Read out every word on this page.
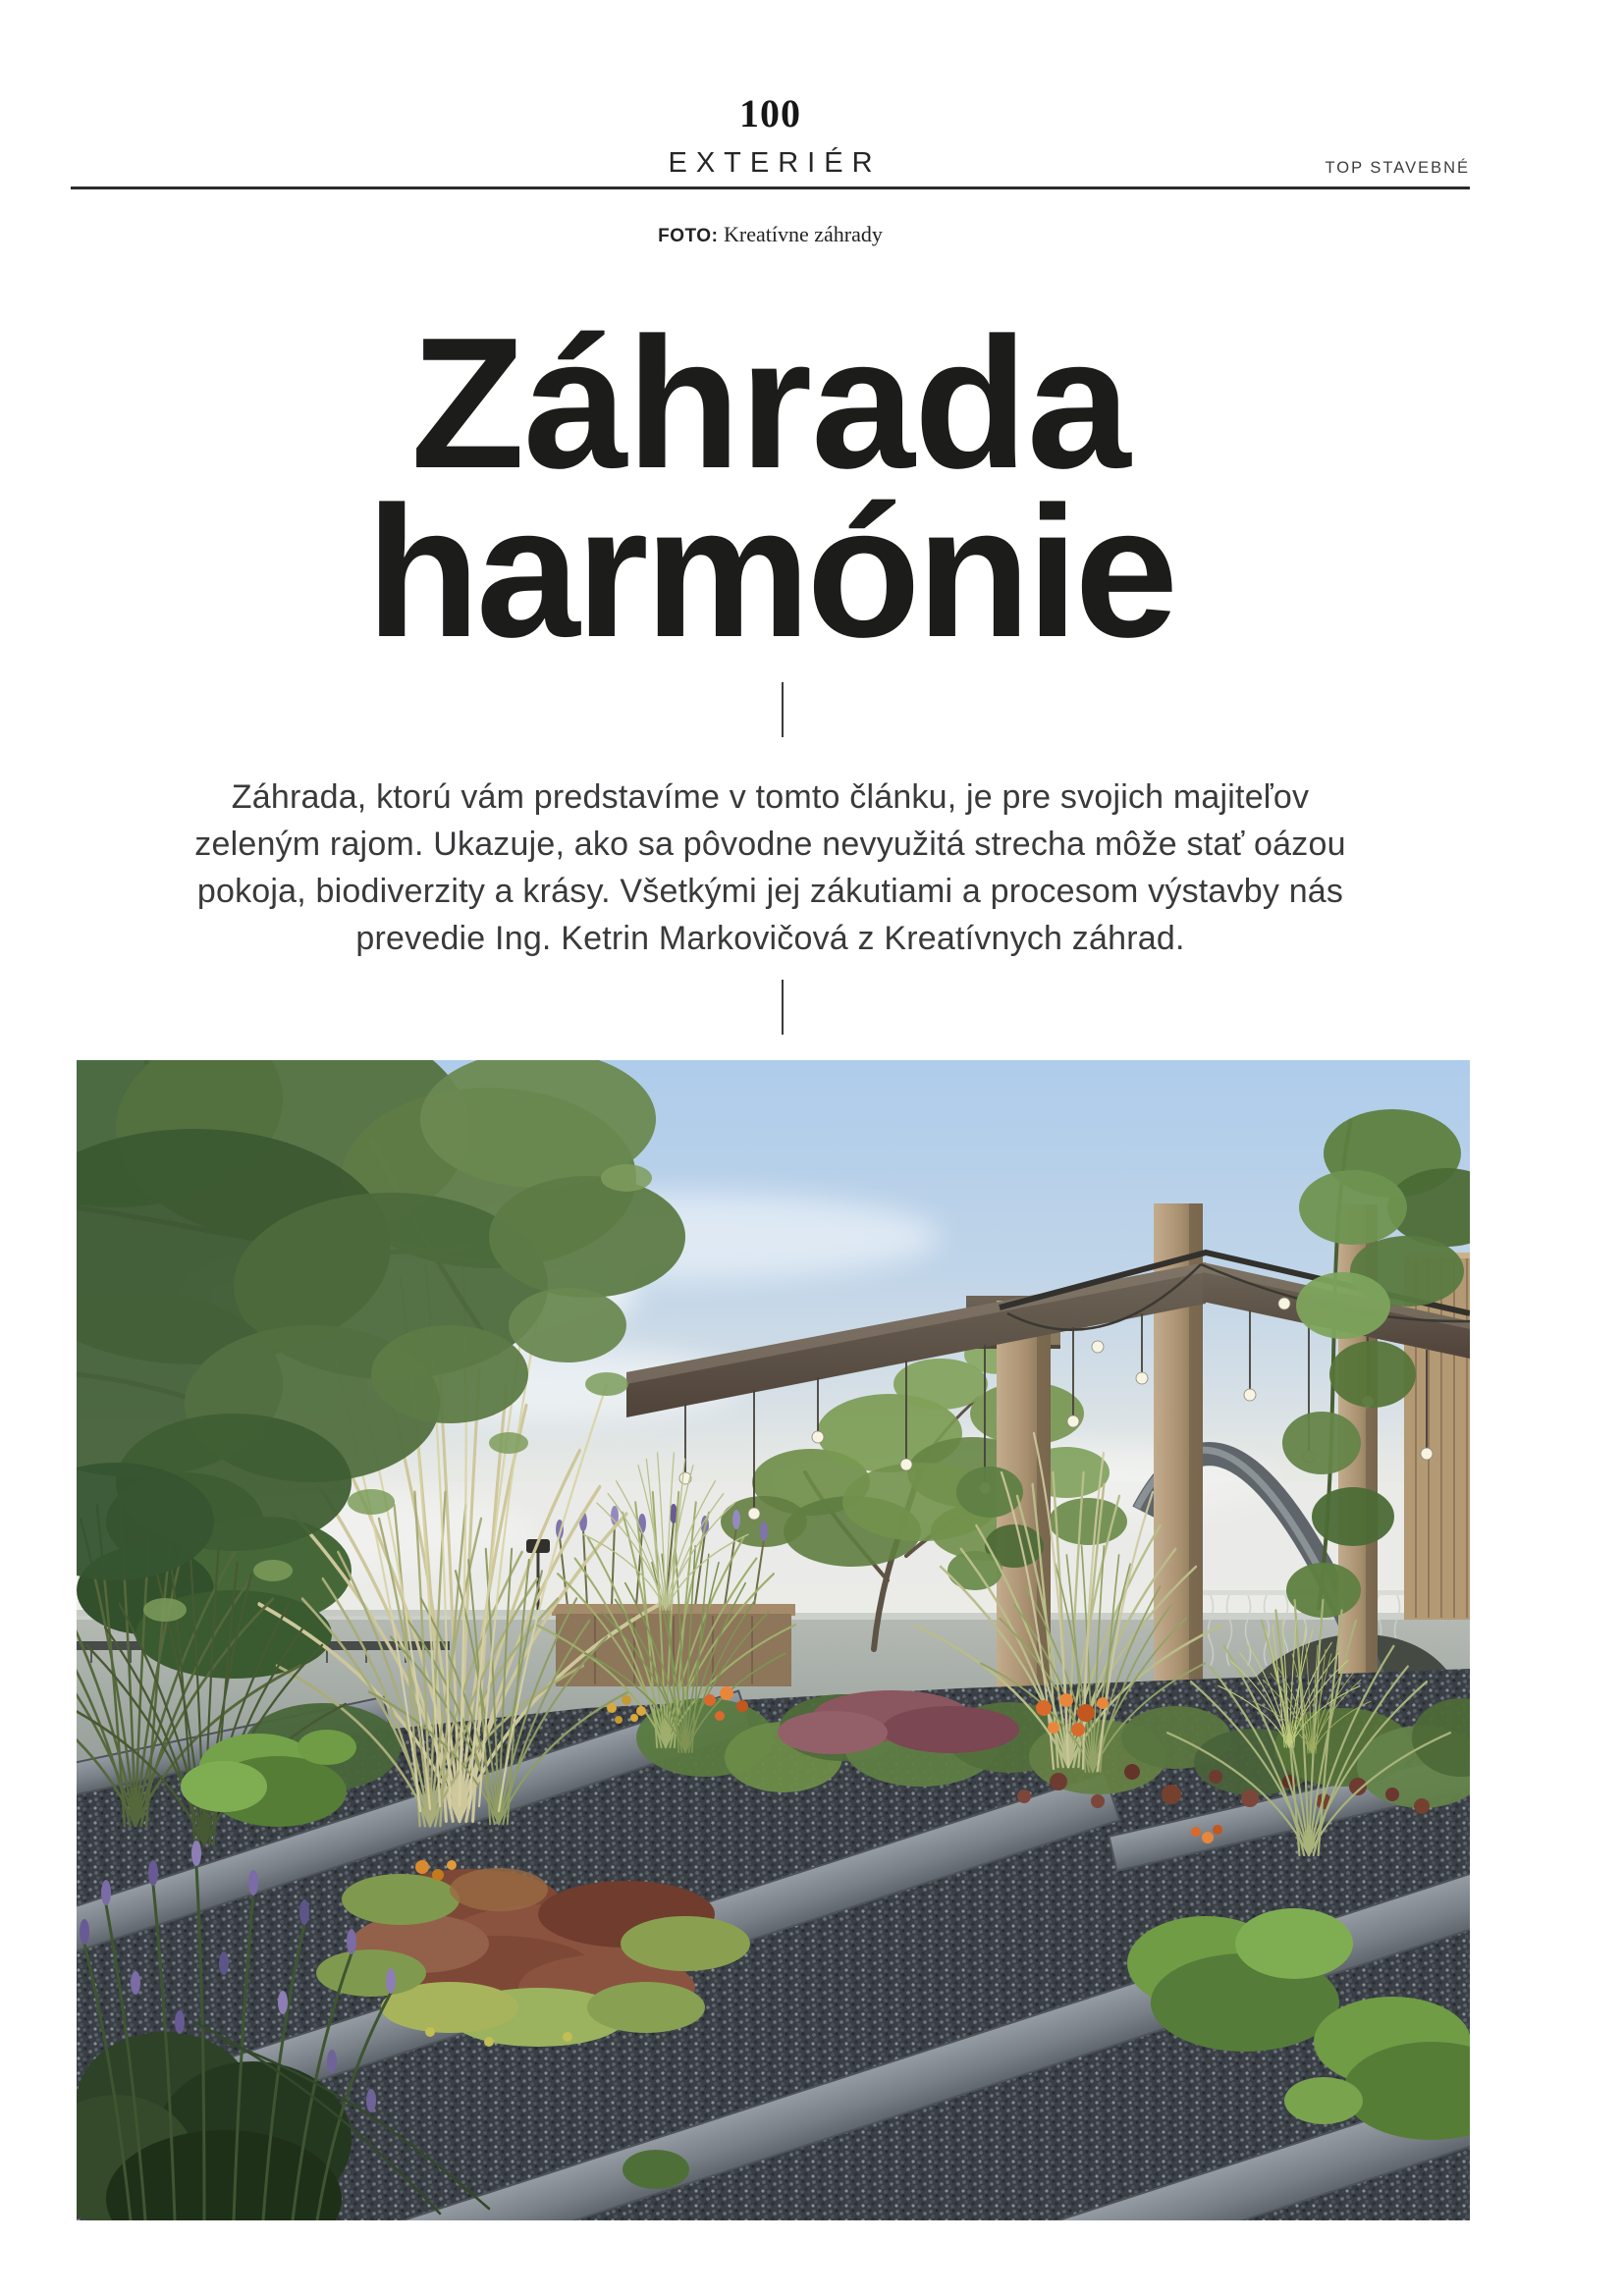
100
EXTERIÉR	TOP STAVEBNÉ
FOTO: Kreatívne záhrady
Záhrada
harmónie
Záhrada, ktorú vám predstavíme v tomto článku, je pre svojich majiteľov
zeleným rajom. Ukazuje, ako sa pôvodne nevyužitá strecha môže stať oázou
pokoja, biodiverzity a krásy. Všetkými jej zákutiami a procesom výstavby nás
prevedie Ing. Ketrin Markovičová z Kreatívnych záhrad.
